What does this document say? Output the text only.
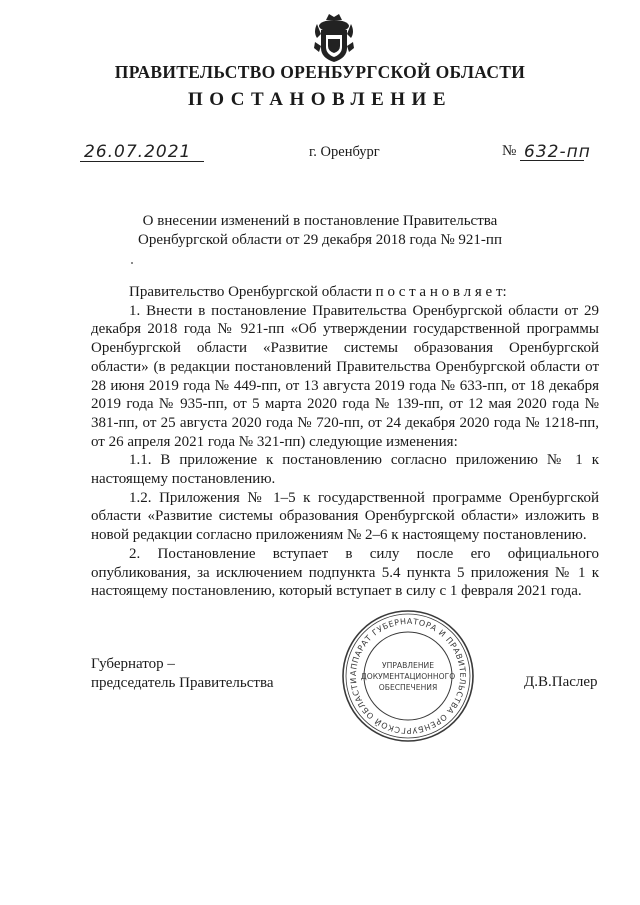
ПРАВИТЕЛЬСТВО ОРЕНБУРГСКОЙ ОБЛАСТИ
ПОСТАНОВЛЕНИЕ
26.07.2021	г. Оренбург	№ 632-пп
О внесении изменений в постановление Правительства
Оренбургской области от 29 декабря 2018 года № 921-пп

Правительство Оренбургской области п о с т а н о в л я е т:

1. Внести в постановление Правительства Оренбургской области от 29 декабря 2018 года № 921-пп «Об утверждении государственной программы Оренбургской области «Развитие системы образования Оренбургской области» (в редакции постановлений Правительства Оренбургской области от 28 июня 2019 года № 449-пп, от 13 августа 2019 года № 633-пп, от 18 декабря 2019 года № 935-пп, от 5 марта 2020 года № 139-пп, от 12 мая 2020 года № 381-пп, от 25 августа 2020 года № 720-пп, от 24 декабря 2020 года № 1218-пп, от 26 апреля 2021 года № 321-пп) следующие изменения:

1.1. В приложение к постановлению согласно приложению № 1 к настоящему постановлению.

1.2. Приложения № 1–5 к государственной программе Оренбургской области «Развитие системы образования Оренбургской области» изложить в новой редакции согласно приложениям № 2–6 к настоящему постановлению.

2. Постановление вступает в силу после его официального опубликования, за исключением подпункта 5.4 пункта 5 приложения № 1 к настоящему постановлению, который вступает в силу с 1 февраля 2021 года.

Губернатор –
председатель Правительства	Д.В.Паслер
АППАРАТ ГУБЕРНАТОРА И ПРАВИТЕЛЬСТВА ОРЕНБУРГСКОЙ ОБЛАСТИ
УПРАВЛЕНИЕ
ДОКУМЕНТАЦИОННОГО
ОБЕСПЕЧЕНИЯ
